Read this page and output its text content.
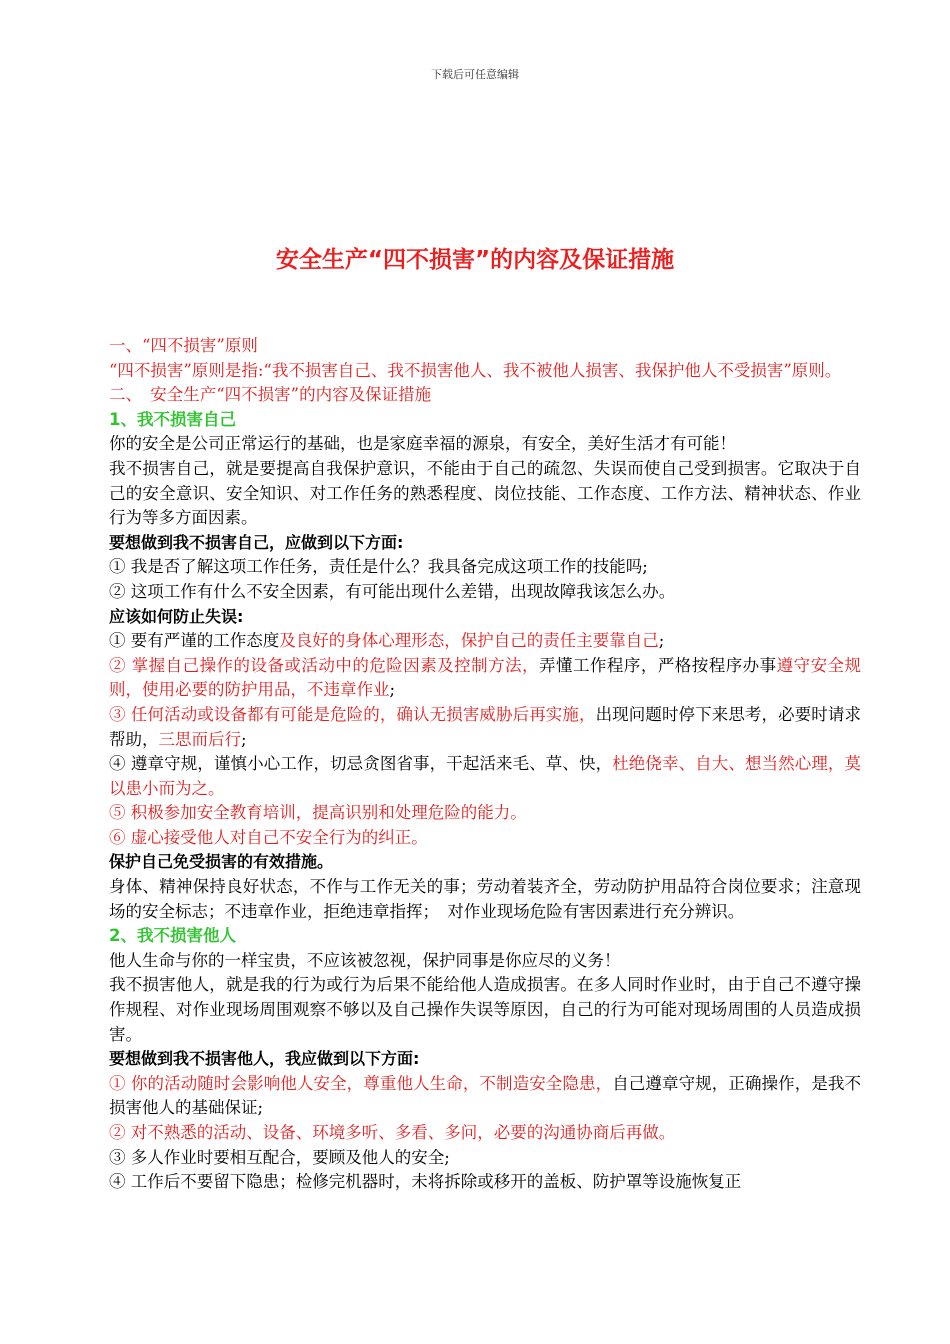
下载后可任意编辑
安全生产“四不损害”的内容及保证措施

一、“四不损害”原则

“四不损害”原则是指:“我不损害自己、我不损害他人、我不被他人损害、我保护他人不受损害”原则。

二、　安全生产“四不损害”的内容及保证措施

1、我不损害自己

你的安全是公司正常运行的基础，也是家庭幸福的源泉，有安全，美好生活才有可能！

我不损害自己，就是要提高自我保护意识，不能由于自己的疏忽、失误而使自己受到损害。它取决于自己的安全意识、安全知识、对工作任务的熟悉程度、岗位技能、工作态度、工作方法、精神状态、作业行为等多方面因素。

要想做到我不损害自己，应做到以下方面:

① 我是否了解这项工作任务，责任是什么？我具备完成这项工作的技能吗;

② 这项工作有什么不安全因素，有可能出现什么差错，出现故障我该怎么办。

应该如何防止失误:

① 要有严谨的工作态度及良好的身体心理形态，保护自己的责任主要靠自己;

② 掌握自己操作的设备或活动中的危险因素及控制方法，弄懂工作程序，严格按程序办事遵守安全规则，使用必要的防护用品，不违章作业;

③ 任何活动或设备都有可能是危险的，确认无损害威胁后再实施，出现问题时停下来思考，必要时请求帮助，三思而后行;

④ 遵章守规，谨慎小心工作，切忌贪图省事，干起活来毛、草、快，杜绝侥幸、自大、想当然心理，莫以患小而为之。

⑤ 积极参加安全教育培训，提高识别和处理危险的能力。

⑥ 虚心接受他人对自己不安全行为的纠正。

保护自己免受损害的有效措施。

身体、精神保持良好状态，不作与工作无关的事；劳动着装齐全，劳动防护用品符合岗位要求；注意现场的安全标志；不违章作业，拒绝违章指挥；　对作业现场危险有害因素进行充分辨识。

2、我不损害他人

他人生命与你的一样宝贵，不应该被忽视，保护同事是你应尽的义务！

我不损害他人，就是我的行为或行为后果不能给他人造成损害。在多人同时作业时，由于自己不遵守操作规程、对作业现场周围观察不够以及自己操作失误等原因，自己的行为可能对现场周围的人员造成损害。

要想做到我不损害他人，我应做到以下方面:

① 你的活动随时会影响他人安全，尊重他人生命，不制造安全隐患，自己遵章守规，正确操作，是我不损害他人的基础保证;

② 对不熟悉的活动、设备、环境多听、多看、多问，必要的沟通协商后再做。

③ 多人作业时要相互配合，要顾及他人的安全;

④ 工作后不要留下隐患；检修完机器时，未将拆除或移开的盖板、防护罩等设施恢复正
